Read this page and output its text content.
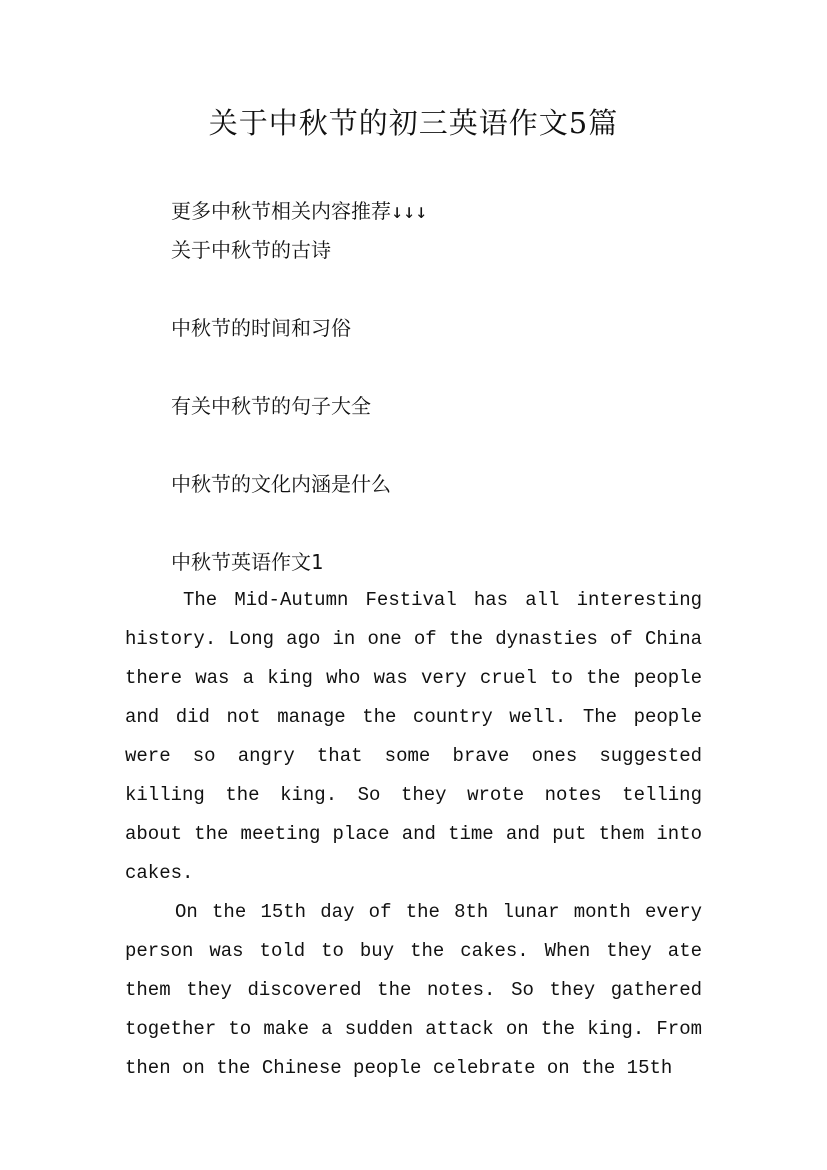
关于中秋节的初三英语作文5篇
更多中秋节相关内容推荐↓↓↓
关于中秋节的古诗
中秋节的时间和习俗
有关中秋节的句子大全
中秋节的文化内涵是什么
中秋节英语作文1

The Mid-Autumn Festival has all interesting history. Long ago in one of the dynasties of China there was a king who was very cruel to the people and did not manage the country well. The people were so angry that some brave ones suggested killing the king. So they wrote notes telling about the meeting place and time and put them into cakes.

On the 15th day of the 8th lunar month every person was told to buy the cakes. When they ate them they discovered the notes. So they gathered together to make a sudden attack on the king. From then on the Chinese people celebrate on the 15th
